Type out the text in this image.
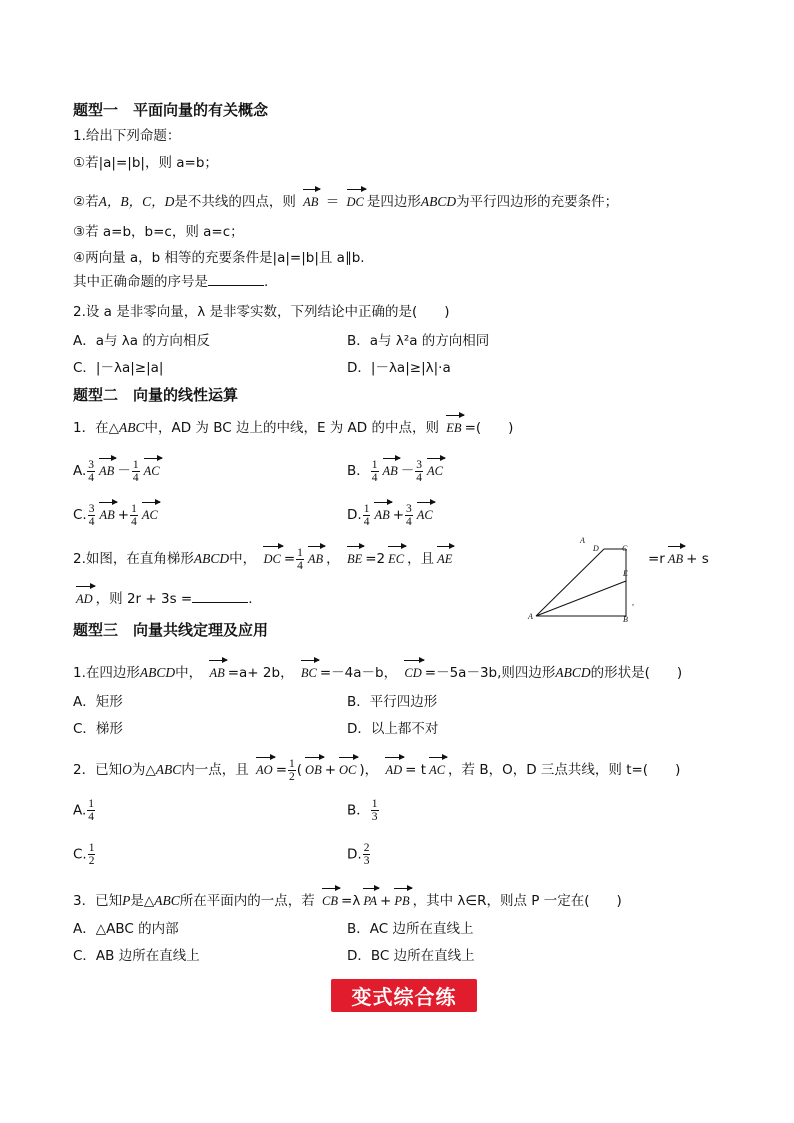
题型一　平面向量的有关概念
1.给出下列命题：
①若|a|=|b|，则 a=b；
②若A，B，C，D是不共线的四点，则 AB ＝ DC 是四边形ABCD为平行四边形的充要条件；
③若 a=b，b=c，则 a=c；
④两向量 a，b 相等的充要条件是|a|=|b|且 a∥b.
其中正确命题的序号是	.
2.设 a 是非零向量，λ 是非零实数，下列结论中正确的是(　　)
A．a与 λa 的方向相反	B．a与 λ²a 的方向相同
C．|－λa|≥|a|	D．|－λa|≥|λ|·a
题型二　向量的线性运算
1．在△ABC中，AD 为 BC 边上的中线，E 为 AD 的中点，则 EB =(　　)
A. $\frac{3}{4}$ AB － $\frac{1}{4}$ AC	B． $\frac{1}{4}$ AB － $\frac{3}{4}$ AC
C. $\frac{3}{4}$ AB + $\frac{1}{4}$ AC	D. $\frac{1}{4}$ AB + $\frac{3}{4}$ AC
2.如图，在直角梯形ABCD中， DC = $\frac{1}{4}$ AB ， BE =2 EC ，且 AE	=r AB + s
AD ，则 2r + 3s =	.
A
D	C
E
,
A	B
题型三　向量共线定理及应用
1.在四边形ABCD中， AB =a+ 2b， BC =－4a－b， CD =－5a－3b,则四边形ABCD的形状是(　　)
A．矩形	B．平行四边形
C．梯形	D．以上都不对
2．已知O为△ABC内一点，且 AO = $\frac{1}{2}$ ( OB + OC )， AD = t AC ，若 B，O，D 三点共线，则 t=(　　)
A. $\frac{1}{4}$	B． $\frac{1}{3}$
C. $\frac{1}{2}$	D. $\frac{2}{3}$
3．已知P是△ABC所在平面内的一点，若 CB =λ PA + PB ，其中 λ∈R，则点 P 一定在(　　)
A．△ABC 的内部	B．AC 边所在直线上
C．AB 边所在直线上	D．BC 边所在直线上
变式综合练
